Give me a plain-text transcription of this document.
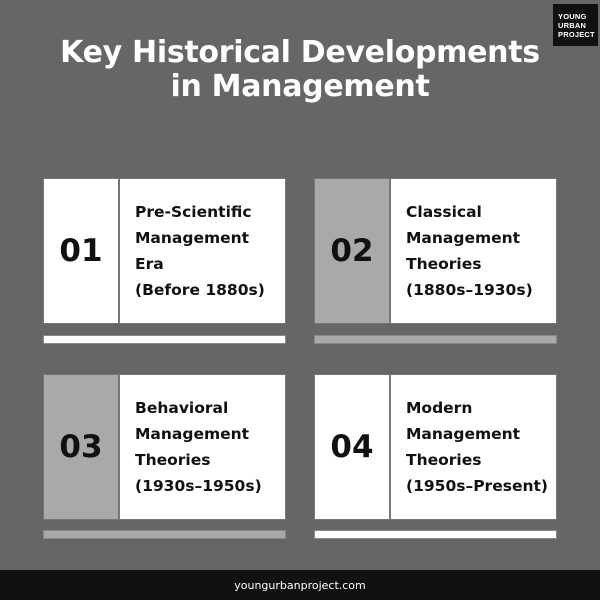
YOUNG
URBAN
PROJECT
Key Historical Developments
in Management
01
Pre-Scientific
Management
Era
(Before 1880s)
02
Classical
Management
Theories
(1880s–1930s)
03
Behavioral
Management
Theories
(1930s–1950s)
04
Modern
Management
Theories
(1950s–Present)
youngurbanproject.com
